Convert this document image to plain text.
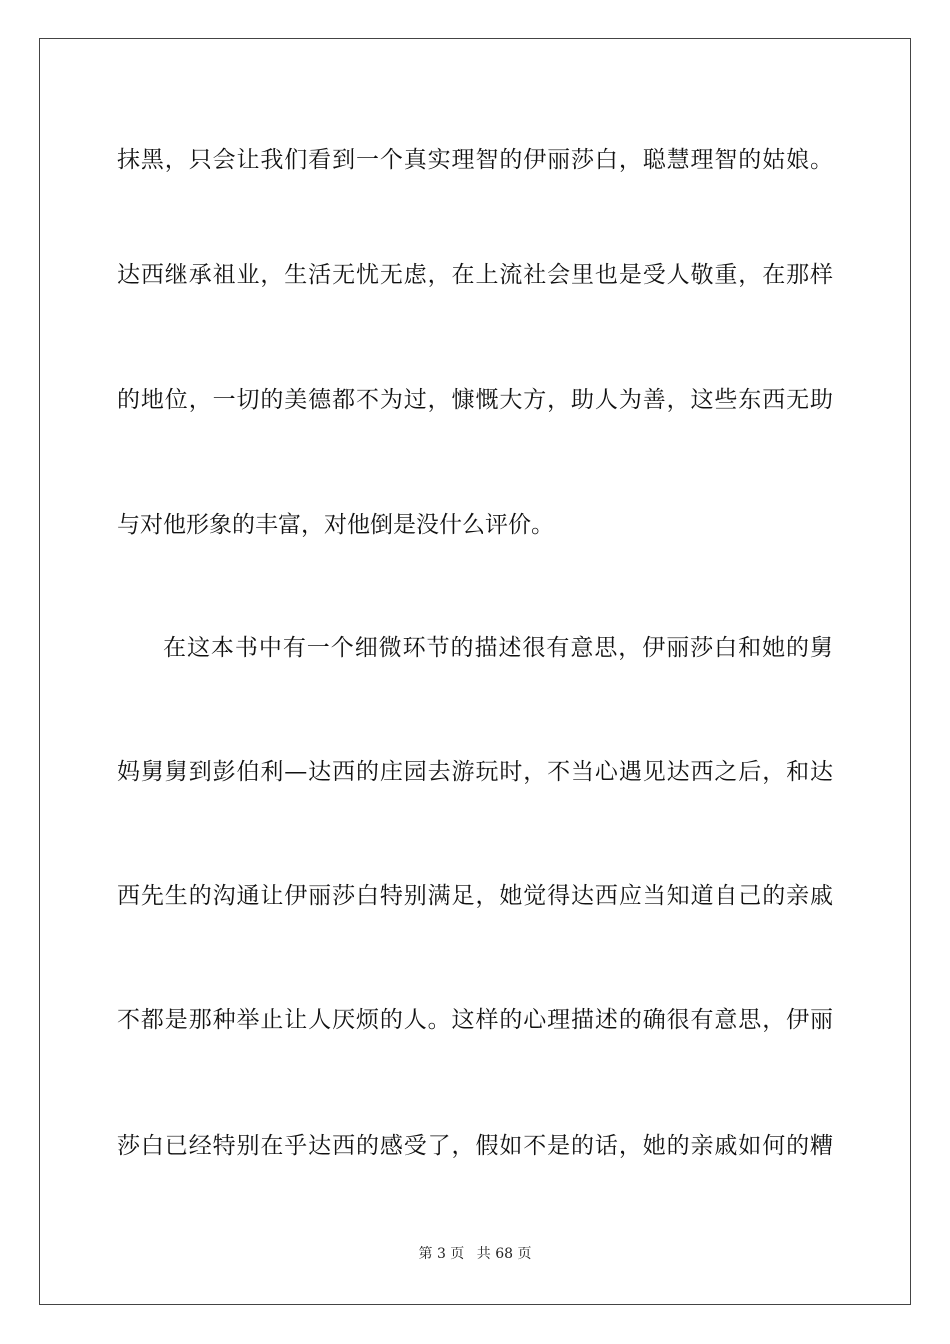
抹黑，只会让我们看到一个真实理智的伊丽莎白，聪慧理智的姑娘。
达西继承祖业，生活无忧无虑，在上流社会里也是受人敬重，在那样
的地位，一切的美德都不为过，慷慨大方，助人为善，这些东西无助
与对他形象的丰富，对他倒是没什么评价。
在这本书中有一个细微环节的描述很有意思，伊丽莎白和她的舅
妈舅舅到彭伯利—达西的庄园去游玩时，不当心遇见达西之后，和达
西先生的沟通让伊丽莎白特别满足，她觉得达西应当知道自己的亲戚
不都是那种举止让人厌烦的人。这样的心理描述的确很有意思，伊丽
莎白已经特别在乎达西的感受了，假如不是的话，她的亲戚如何的糟
第 3 页 共 68 页
